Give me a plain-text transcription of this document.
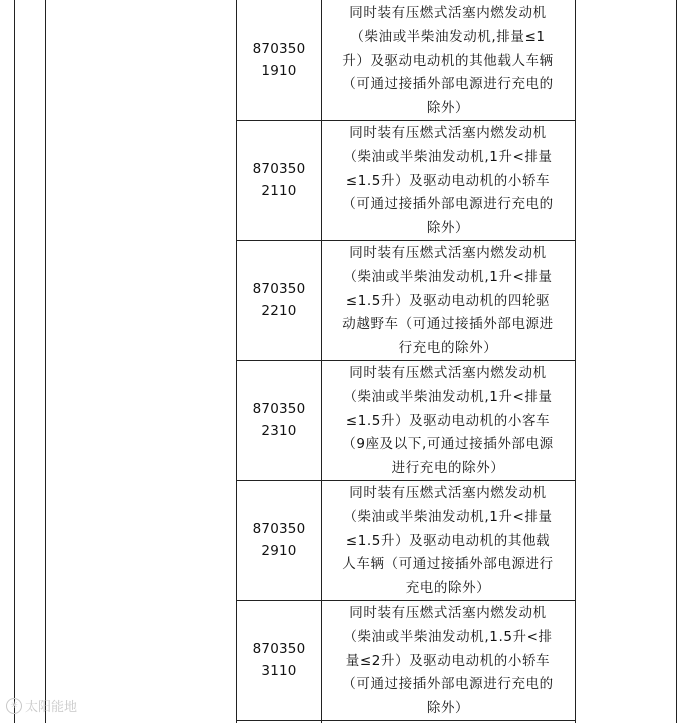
870350
1910
同时装有压燃式活塞内燃发动机
（柴油或半柴油发动机,排量≤1
升）及驱动电动机的其他载人车辆
（可通过接插外部电源进行充电的
除外）
870350
2110
同时装有压燃式活塞内燃发动机
（柴油或半柴油发动机,1升<排量
≤1.5升）及驱动电动机的小轿车
（可通过接插外部电源进行充电的
除外）
870350
2210
同时装有压燃式活塞内燃发动机
（柴油或半柴油发动机,1升<排量
≤1.5升）及驱动电动机的四轮驱
动越野车（可通过接插外部电源进
行充电的除外）
870350
2310
同时装有压燃式活塞内燃发动机
（柴油或半柴油发动机,1升<排量
≤1.5升）及驱动电动机的小客车
（9座及以下,可通过接插外部电源
进行充电的除外）
870350
2910
同时装有压燃式活塞内燃发动机
（柴油或半柴油发动机,1升<排量
≤1.5升）及驱动电动机的其他载
人车辆（可通过接插外部电源进行
充电的除外）
870350
3110
同时装有压燃式活塞内燃发动机
（柴油或半柴油发动机,1.5升<排
量≤2升）及驱动电动机的小轿车
（可通过接插外部电源进行充电的
除外）
☀ 太阳能地
